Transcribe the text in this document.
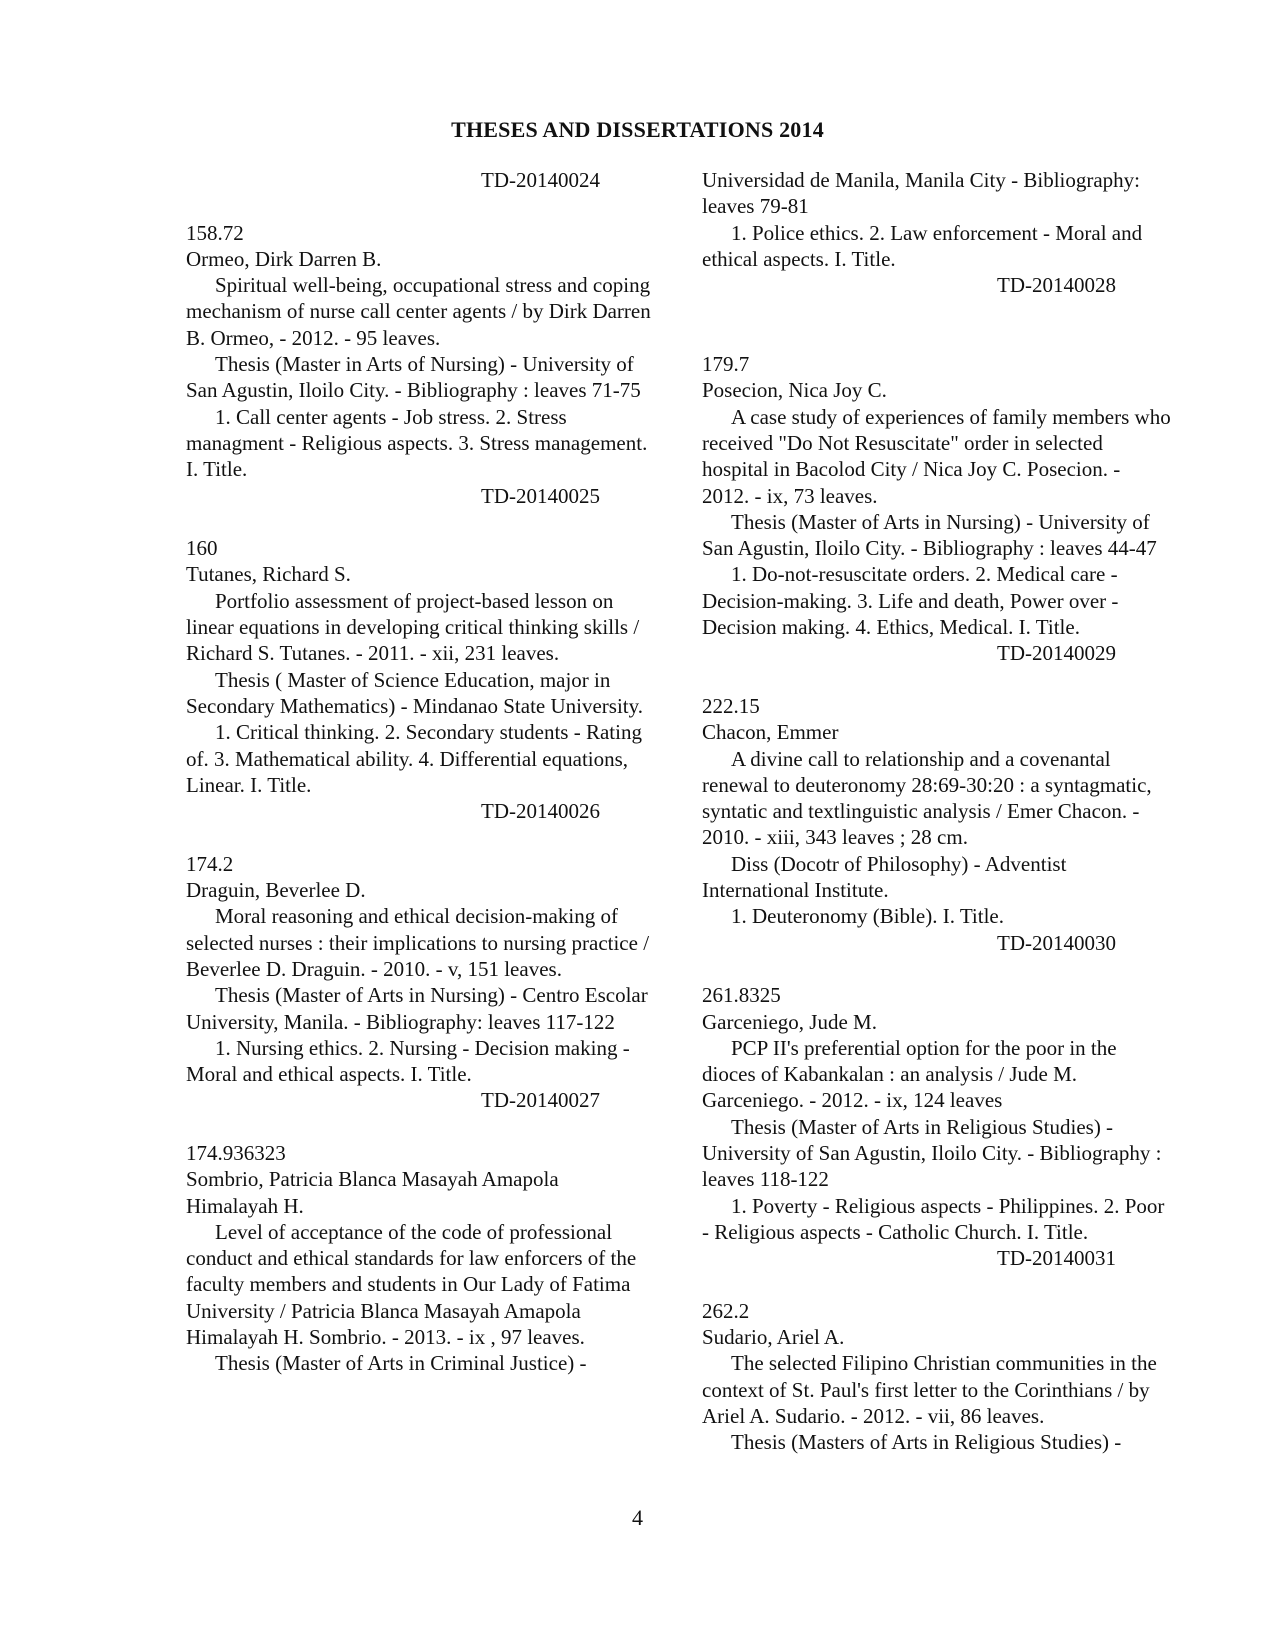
THESES AND DISSERTATIONS 2014

TD-20140024

158.72

Ormeo, Dirk Darren B.

Spiritual well-being, occupational stress and coping mechanism of nurse call center agents / by Dirk Darren B. Ormeo, - 2012. - 95 leaves.

Thesis (Master in Arts of Nursing) - University of San Agustin, Iloilo City. - Bibliography : leaves 71-75

1. Call center agents - Job stress. 2. Stress managment - Religious aspects. 3. Stress management. I. Title.

TD-20140025

160

Tutanes, Richard S.

Portfolio assessment of project-based lesson on linear equations in developing critical thinking skills / Richard S. Tutanes. - 2011. - xii, 231 leaves.

Thesis ( Master of Science Education, major in Secondary Mathematics) - Mindanao State University.

1. Critical thinking. 2. Secondary students - Rating of. 3. Mathematical ability. 4. Differential equations, Linear. I. Title.

TD-20140026

174.2

Draguin, Beverlee D.

Moral reasoning and ethical decision-making of selected nurses : their implications to nursing practice / Beverlee D. Draguin. - 2010. - v, 151 leaves.

Thesis (Master of Arts in Nursing) - Centro Escolar University, Manila. - Bibliography: leaves 117-122

1. Nursing ethics. 2. Nursing - Decision making - Moral and ethical aspects. I. Title.

TD-20140027

174.936323

Sombrio, Patricia Blanca Masayah Amapola Himalayah H.

Level of acceptance of the code of professional conduct and ethical standards for law enforcers of the faculty members and students in Our Lady of Fatima University / Patricia Blanca Masayah Amapola Himalayah H. Sombrio. - 2013. - ix , 97 leaves.

Thesis (Master of Arts in Criminal Justice) -

Universidad de Manila, Manila City - Bibliography: leaves 79-81

1. Police ethics. 2. Law enforcement - Moral and ethical aspects. I. Title.

TD-20140028

179.7

Posecion, Nica Joy C.

A case study of experiences of family members who received "Do Not Resuscitate" order in selected hospital in Bacolod City / Nica Joy C. Posecion. - 2012. - ix, 73 leaves.

Thesis (Master of Arts in Nursing) - University of San Agustin, Iloilo City. - Bibliography : leaves 44-47

1. Do-not-resuscitate orders. 2. Medical care - Decision-making. 3. Life and death, Power over - Decision making. 4. Ethics, Medical. I. Title.

TD-20140029

222.15

Chacon, Emmer

A divine call to relationship and a covenantal renewal to deuteronomy 28:69-30:20 : a syntagmatic, syntatic and textlinguistic analysis / Emer Chacon. - 2010. - xiii, 343 leaves ; 28 cm.

Diss (Docotr of Philosophy) - Adventist International Institute.

1. Deuteronomy (Bible). I. Title.

TD-20140030

261.8325

Garceniego, Jude M.

PCP II's preferential option for the poor in the dioces of Kabankalan : an analysis / Jude M. Garceniego. - 2012. - ix, 124 leaves

Thesis (Master of Arts in Religious Studies) - University of San Agustin, Iloilo City. - Bibliography : leaves 118-122

1. Poverty - Religious aspects - Philippines. 2. Poor - Religious aspects - Catholic Church. I. Title.

TD-20140031

262.2

Sudario, Ariel A.

The selected Filipino Christian communities in the context of St. Paul's first letter to the Corinthians / by Ariel A. Sudario. - 2012. - vii, 86 leaves.

Thesis (Masters of Arts in Religious Studies) -

4
